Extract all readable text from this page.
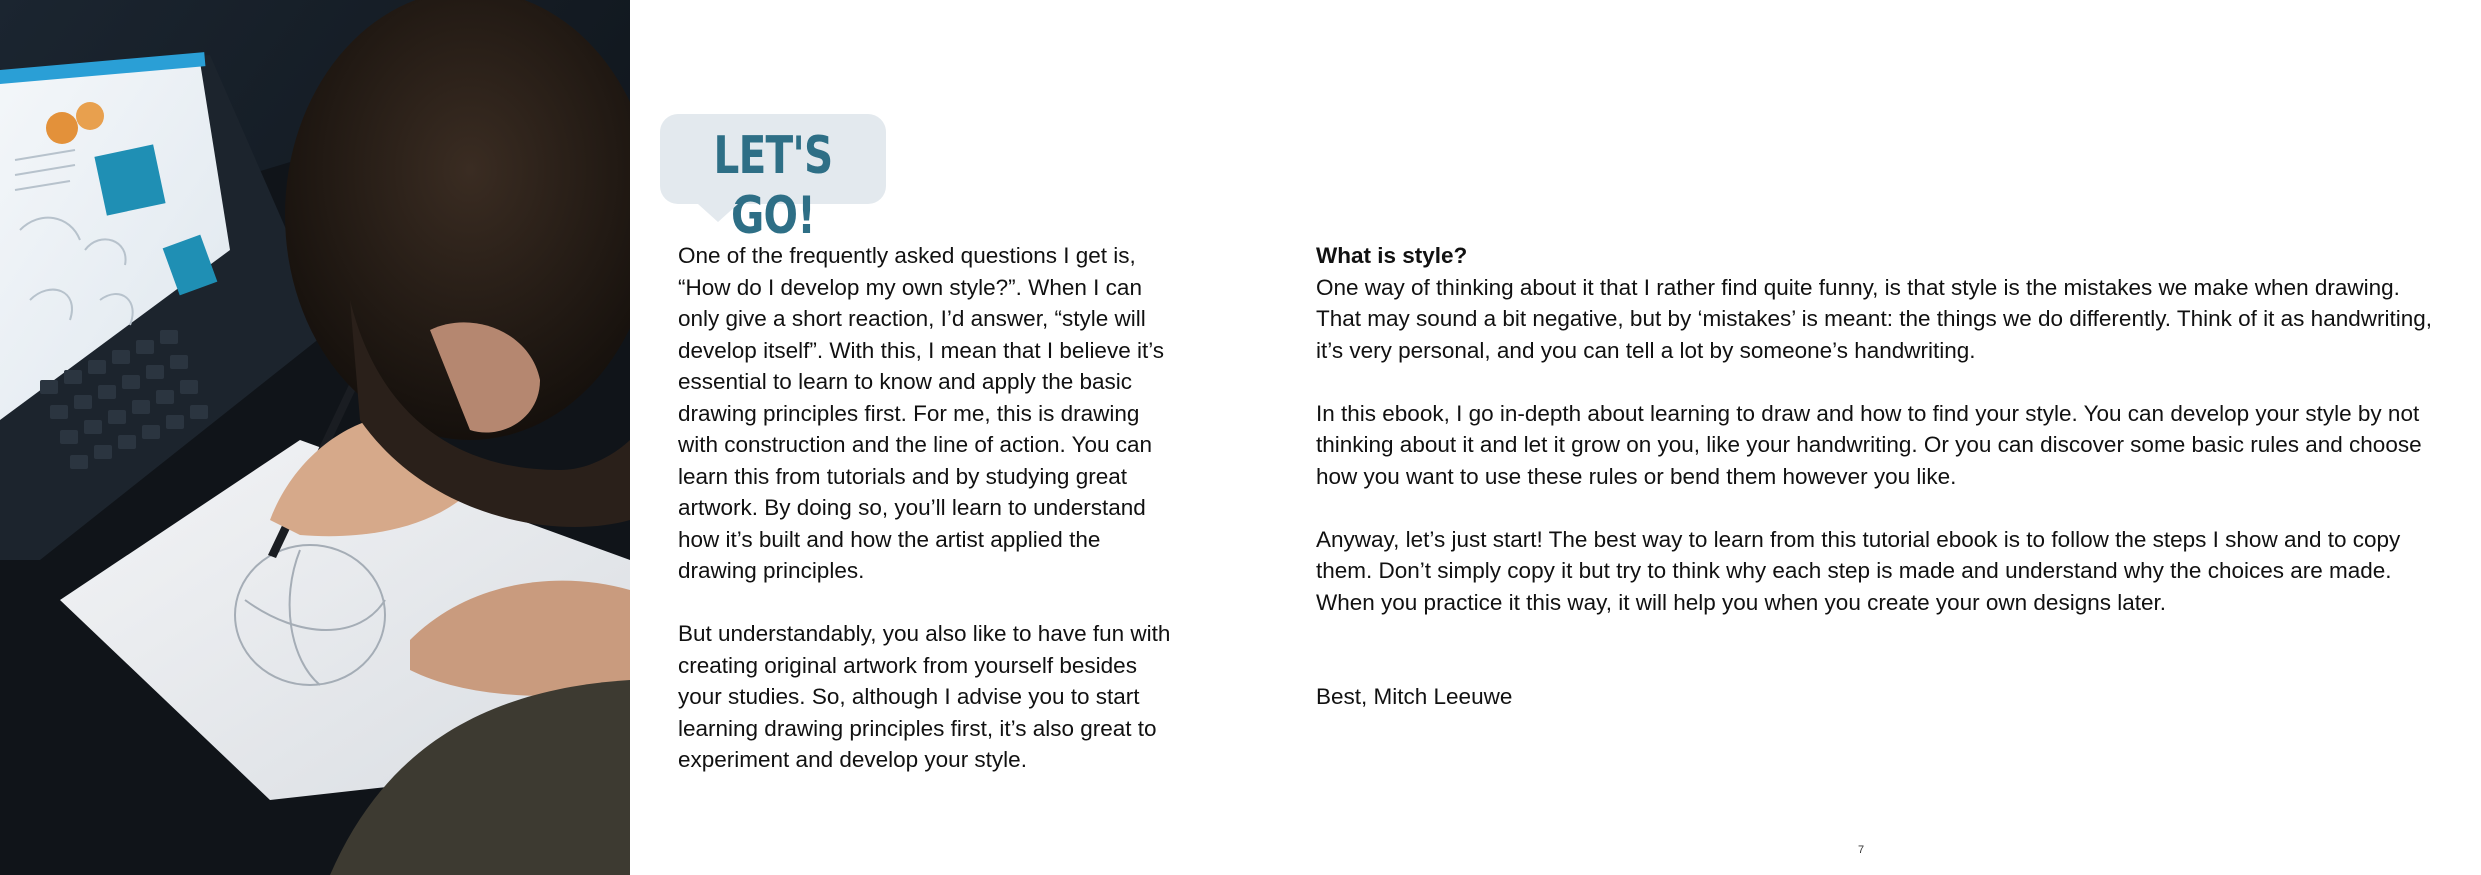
LET'S GO!

One of the frequently asked questions I get is, “How do I develop my own style?”. When I can only give a short reaction, I’d answer, “style will develop itself”. With this, I mean that I believe it’s essential to learn to know and apply the basic drawing principles first. For me, this is drawing with construction and the line of action. You can learn this from tutorials and by studying great artwork. By doing so, you’ll learn to understand how it’s built and how the artist applied the drawing principles.

But understandably, you also like to have fun with creating original artwork from yourself besides your studies. So, although I advise you to start learning drawing principles first, it’s also great to experiment and develop your style.

What is style?

One way of thinking about it that I rather find quite funny, is that style is the mistakes we make when drawing. That may sound a bit negative, but by ‘mistakes’ is meant: the things we do differently. Think of it as handwriting, it’s very personal, and you can tell a lot by someone’s handwriting.

In this ebook, I go in-depth about learning to draw and how to find your style. You can develop your style by not thinking about it and let it grow on you, like your handwriting. Or you can discover some basic rules and choose how you want to use these rules or bend them however you like.

Anyway, let’s just start! The best way to learn from this tutorial ebook is to follow the steps I show and to copy them. Don’t simply copy it but try to think why each step is made and understand why the choices are made. When you practice it this way, it will help you when you create your own designs later.

Best, Mitch Leeuwe

7
